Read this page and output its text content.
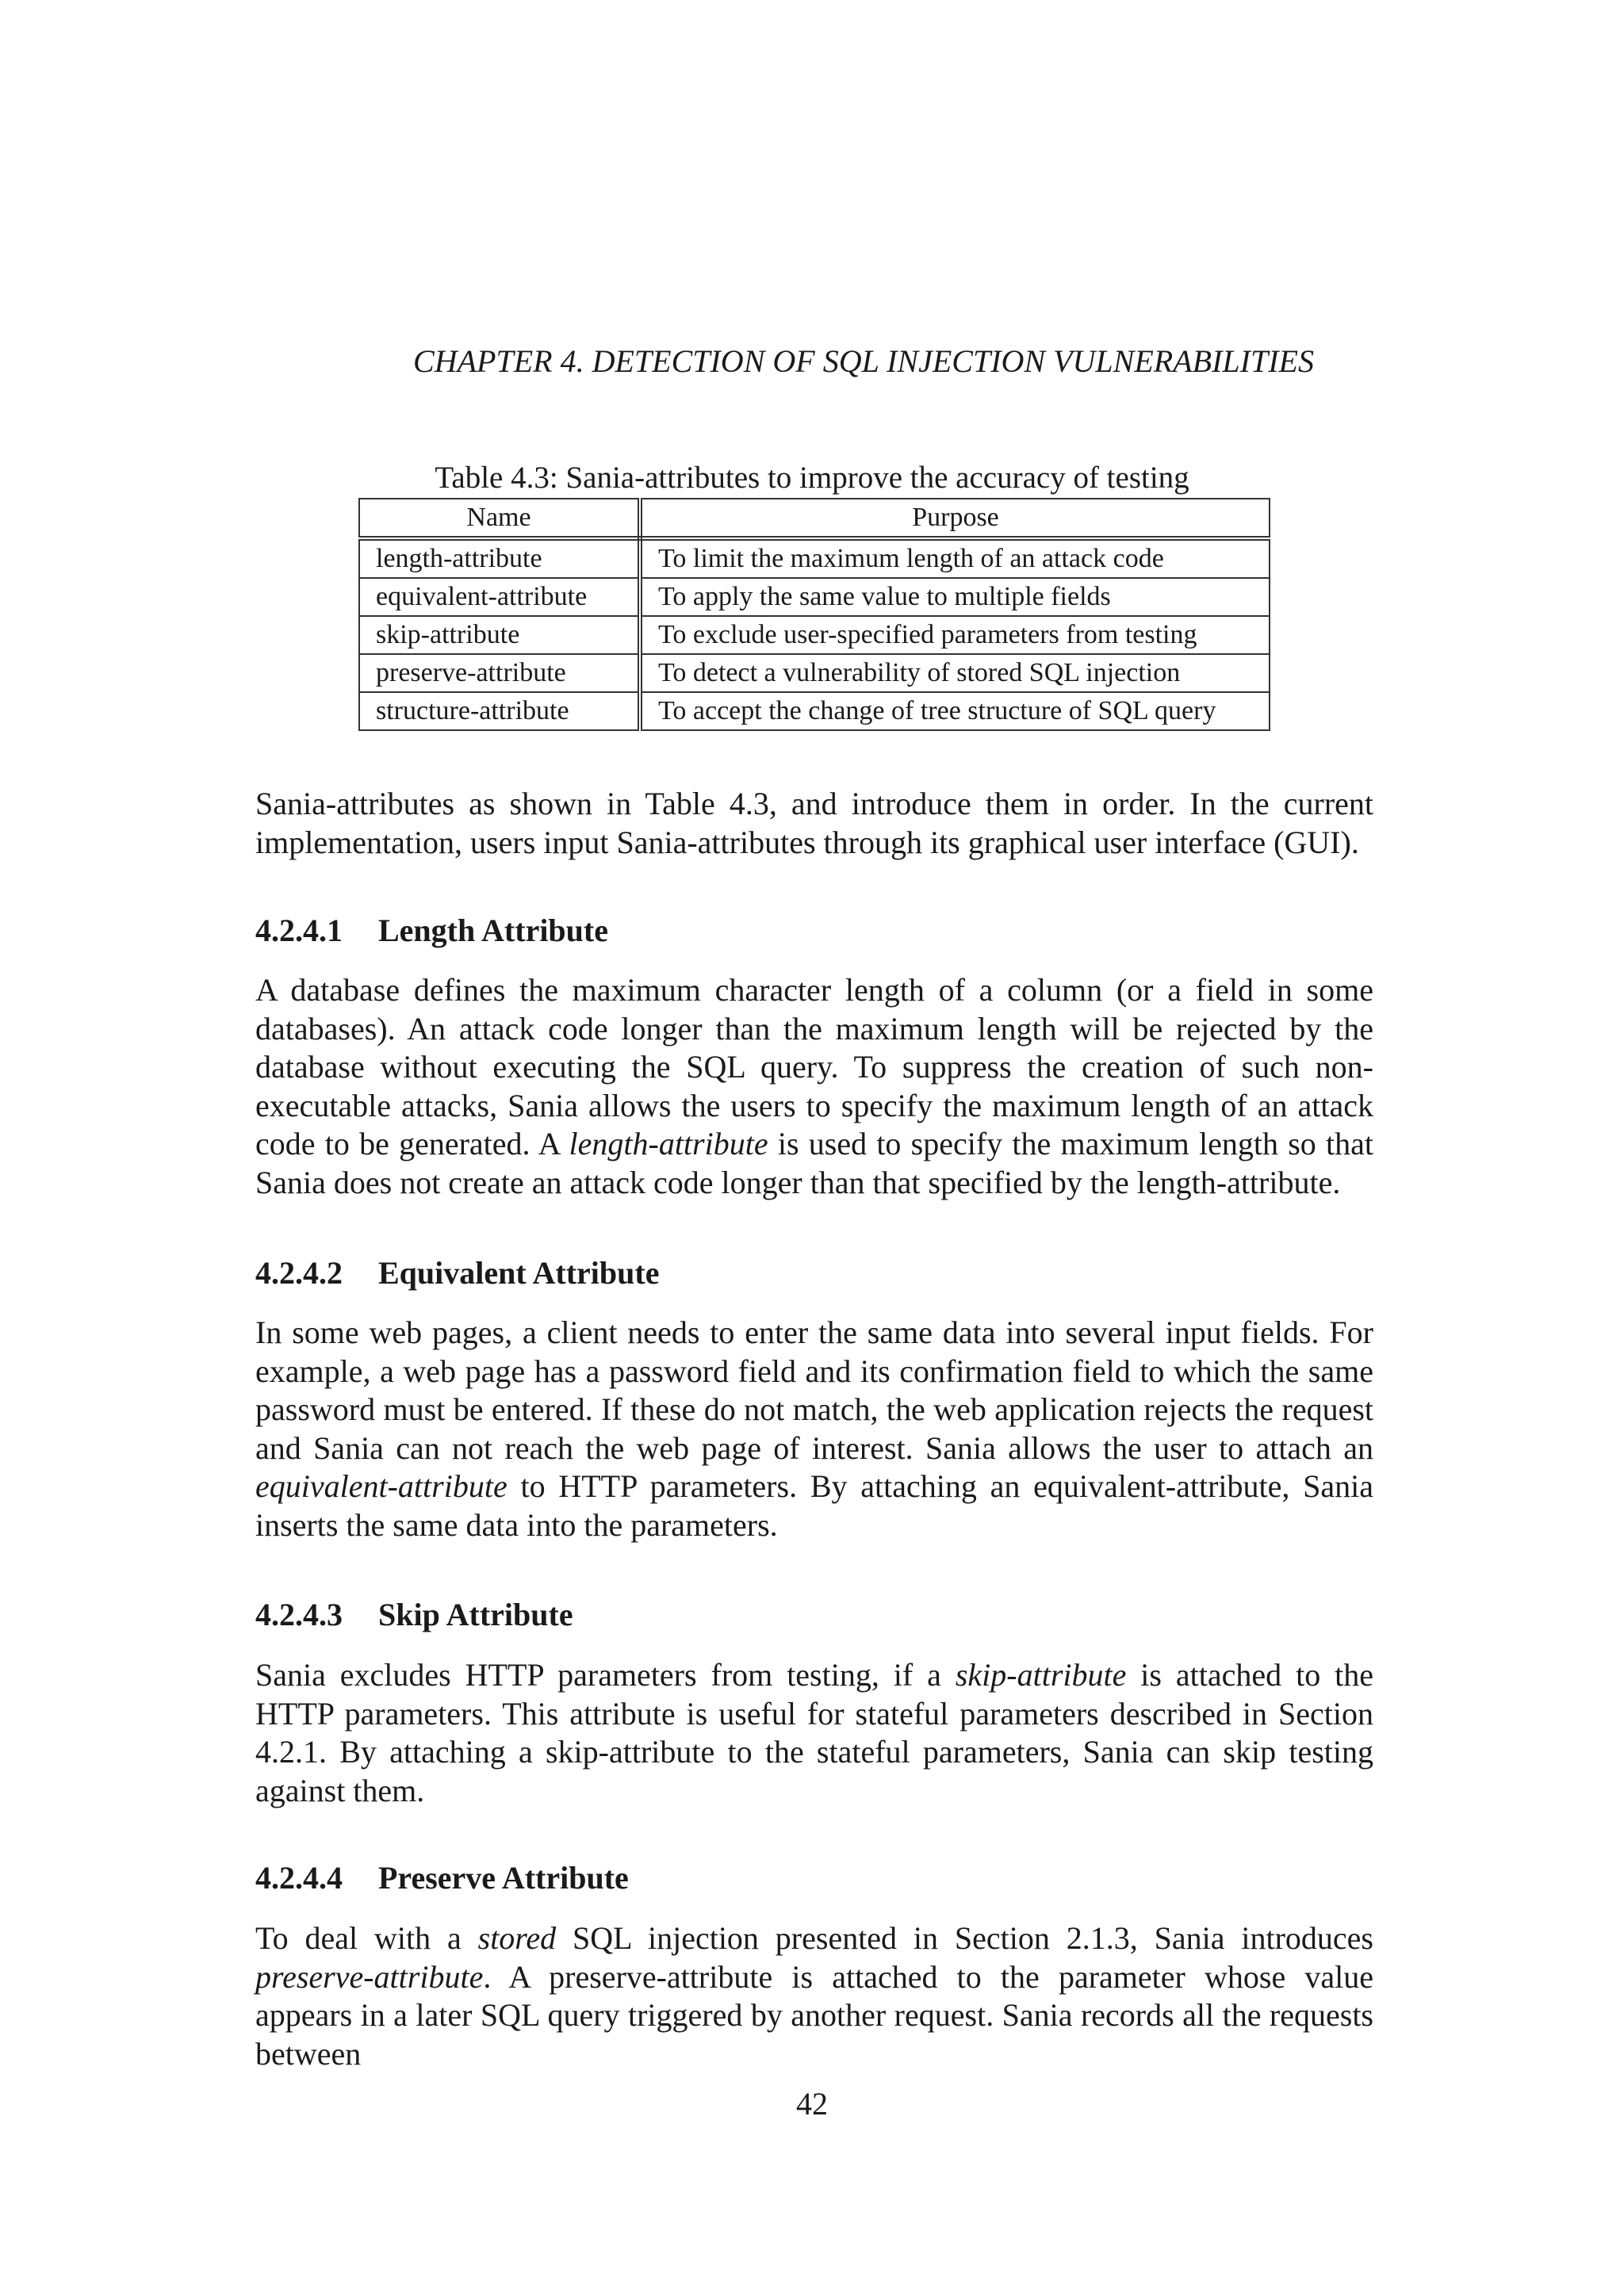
CHAPTER 4. DETECTION OF SQL INJECTION VULNERABILITIES
Table 4.3: Sania-attributes to improve the accuracy of testing
Name	Purpose
length-attribute	To limit the maximum length of an attack code
equivalent-attribute	To apply the same value to multiple fields
skip-attribute	To exclude user-specified parameters from testing
preserve-attribute	To detect a vulnerability of stored SQL injection
structure-attribute	To accept the change of tree structure of SQL query

Sania-attributes as shown in Table 4.3, and introduce them in order. In the current implementation, users input Sania-attributes through its graphical user interface (GUI).

4.2.4.1 Length Attribute

A database defines the maximum character length of a column (or a field in some databases). An attack code longer than the maximum length will be rejected by the database without executing the SQL query. To suppress the creation of such non-executable attacks, Sania allows the users to specify the maximum length of an attack code to be generated. A length-attribute is used to specify the maximum length so that Sania does not create an attack code longer than that specified by the length-attribute.

4.2.4.2 Equivalent Attribute

In some web pages, a client needs to enter the same data into several input fields. For example, a web page has a password field and its confirmation field to which the same password must be entered. If these do not match, the web application rejects the request and Sania can not reach the web page of interest. Sania allows the user to attach an equivalent-attribute to HTTP parameters. By attaching an equivalent-attribute, Sania inserts the same data into the parameters.

4.2.4.3 Skip Attribute

Sania excludes HTTP parameters from testing, if a skip-attribute is attached to the HTTP parameters. This attribute is useful for stateful parameters described in Section 4.2.1. By attaching a skip-attribute to the stateful parameters, Sania can skip testing against them.

4.2.4.4 Preserve Attribute

To deal with a stored SQL injection presented in Section 2.1.3, Sania introduces preserve-attribute. A preserve-attribute is attached to the parameter whose value appears in a later SQL query triggered by another request. Sania records all the requests between

42
